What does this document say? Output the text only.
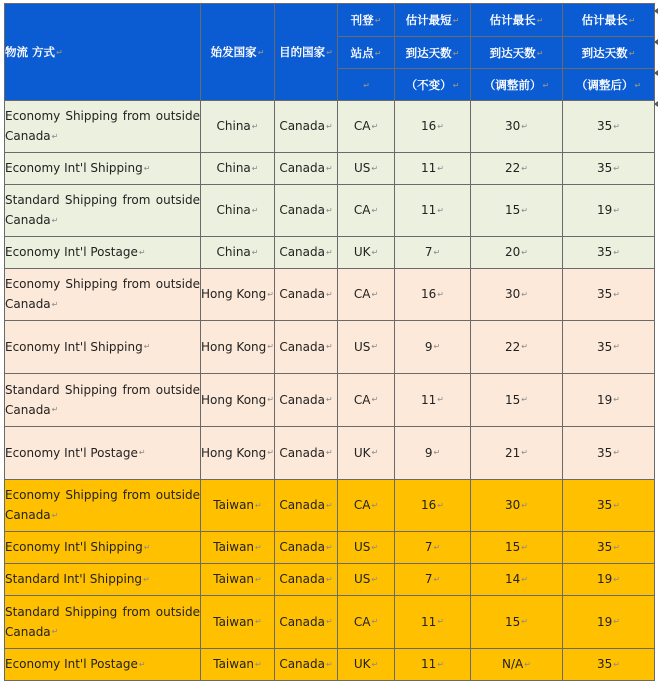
物流 方式↵	始发国家↵	目的国家↵	刊登↵	估计最短↵	估计最长↵	估计最长↵
			站点↵	到达天数↵	到达天数↵	到达天数↵
			↵	（不变）↵	（调整前）↵	（调整后）↵
Economy Shipping from outside Canada↵	China↵	Canada↵	CA↵	16↵	30↵	35↵
Economy Int'l Shipping↵	China↵	Canada↵	US↵	11↵	22↵	35↵
Standard Shipping from outside Canada↵	China↵	Canada↵	CA↵	11↵	15↵	19↵
Economy Int'l Postage↵	China↵	Canada↵	UK↵	7↵	20↵	35↵
Economy Shipping from outside Canada↵	Hong Kong↵	Canada↵	CA↵	16↵	30↵	35↵
Economy Int'l Shipping↵	Hong Kong↵	Canada↵	US↵	9↵	22↵	35↵
Standard Shipping from outside Canada↵	Hong Kong↵	Canada↵	CA↵	11↵	15↵	19↵
Economy Int'l Postage↵	Hong Kong↵	Canada↵	UK↵	9↵	21↵	35↵
Economy Shipping from outside Canada↵	Taiwan↵	Canada↵	CA↵	16↵	30↵	35↵
Economy Int'l Shipping↵	Taiwan↵	Canada↵	US↵	7↵	15↵	35↵
Standard Int'l Shipping↵	Taiwan↵	Canada↵	US↵	7↵	14↵	19↵
Standard Shipping from outside Canada↵	Taiwan↵	Canada↵	CA↵	11↵	15↵	19↵
Economy Int'l Postage↵	Taiwan↵	Canada↵	UK↵	11↵	N/A↵	35↵
